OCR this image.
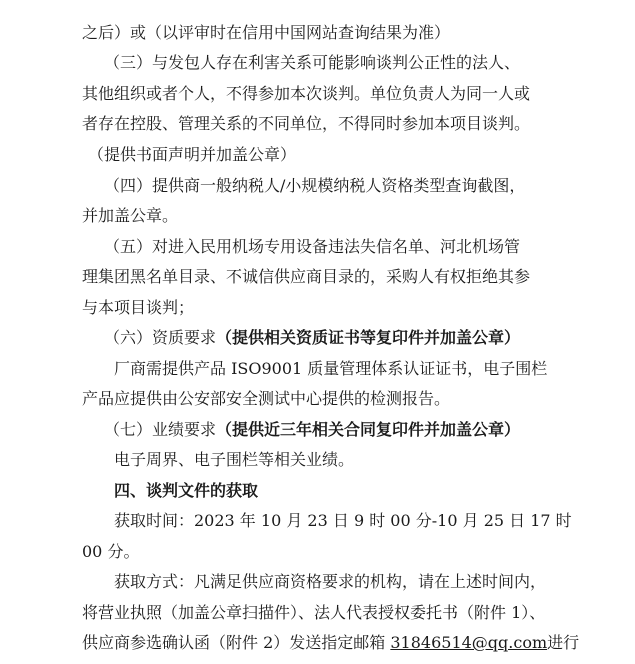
之后）或（以评审时在信用中国网站查询结果为准）
（三）与发包人存在利害关系可能影响谈判公正性的法人、
其他组织或者个人，不得参加本次谈判。单位负责人为同一人或
者存在控股、管理关系的不同单位，不得同时参加本项目谈判。
（提供书面声明并加盖公章）
（四）提供商一般纳税人/小规模纳税人资格类型查询截图，
并加盖公章。
（五）对进入民用机场专用设备违法失信名单、河北机场管
理集团黑名单目录、不诚信供应商目录的，采购人有权拒绝其参
与本项目谈判；
（六）资质要求（提供相关资质证书等复印件并加盖公章）
厂商需提供产品 ISO9001 质量管理体系认证证书，电子围栏
产品应提供由公安部安全测试中心提供的检测报告。
（七）业绩要求（提供近三年相关合同复印件并加盖公章）
电子周界、电子围栏等相关业绩。
四、谈判文件的获取
获取时间：2023 年 10 月 23 日 9 时 00 分-10 月 25 日 17 时
00 分。
获取方式：凡满足供应商资格要求的机构，请在上述时间内，
将营业执照（加盖公章扫描件）、法人代表授权委托书（附件 1）、
供应商参选确认函（附件 2）发送指定邮箱 31846514@qq.com进行
